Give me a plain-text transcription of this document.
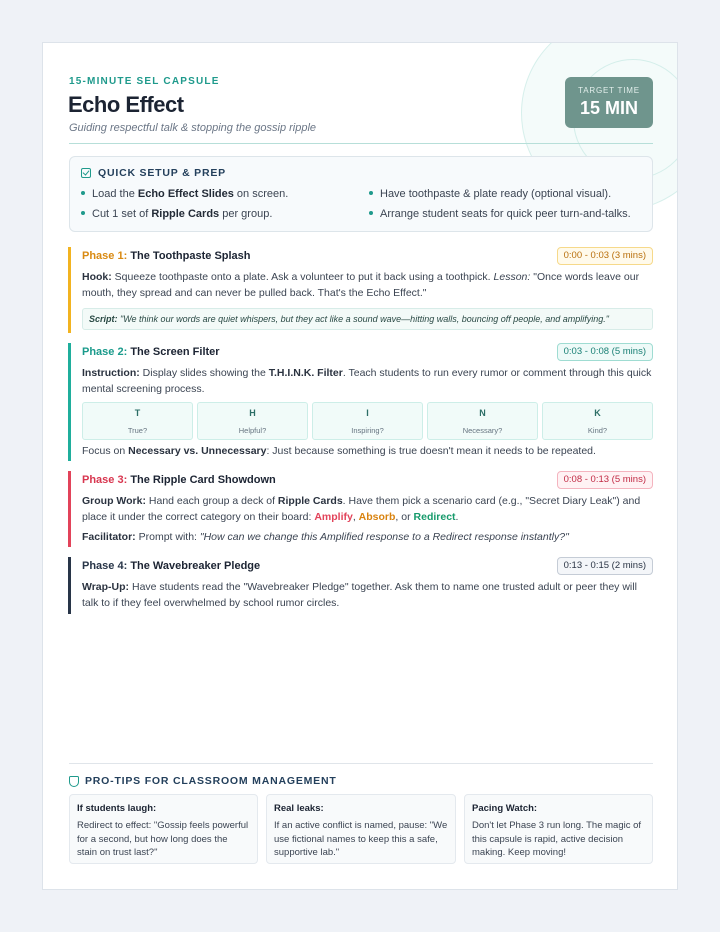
15-MINUTE SEL CAPSULE
Echo Effect
Guiding respectful talk & stopping the gossip ripple
TARGET TIME
15 MIN
QUICK SETUP & PREP
Load the Echo Effect Slides on screen.	Have toothpaste & plate ready (optional visual).
Cut 1 set of Ripple Cards per group.	Arrange student seats for quick peer turn-and-talks.
Phase 1: The Toothpaste Splash	0:00 - 0:03 (3 mins)
Hook: Squeeze toothpaste onto a plate. Ask a volunteer to put it back using a toothpick. Lesson: "Once words leave our mouth, they spread and can never be pulled back. That's the Echo Effect."
Script: "We think our words are quiet whispers, but they act like a sound wave—hitting walls, bouncing off people, and amplifying."
Phase 2: The Screen Filter	0:03 - 0:08 (5 mins)
Instruction: Display slides showing the T.H.I.N.K. Filter. Teach students to run every rumor or comment through this quick mental screening process.
T
True?
H
Helpful?
I
Inspiring?
N
Necessary?
K
Kind?
Focus on Necessary vs. Unnecessary: Just because something is true doesn't mean it needs to be repeated.
Phase 3: The Ripple Card Showdown	0:08 - 0:13 (5 mins)
Group Work: Hand each group a deck of Ripple Cards. Have them pick a scenario card (e.g., "Secret Diary Leak") and place it under the correct category on their board: Amplify, Absorb, or Redirect.
Facilitator: Prompt with: "How can we change this Amplified response to a Redirect response instantly?"
Phase 4: The Wavebreaker Pledge	0:13 - 0:15 (2 mins)
Wrap-Up: Have students read the "Wavebreaker Pledge" together. Ask them to name one trusted adult or peer they will talk to if they feel overwhelmed by school rumor circles.
PRO-TIPS FOR CLASSROOM MANAGEMENT
If students laugh:
Redirect to effect: "Gossip feels powerful for a second, but how long does the stain on trust last?"
Real leaks:
If an active conflict is named, pause: "We use fictional names to keep this a safe, supportive lab."
Pacing Watch:
Don't let Phase 3 run long. The magic of this capsule is rapid, active decision making. Keep moving!
